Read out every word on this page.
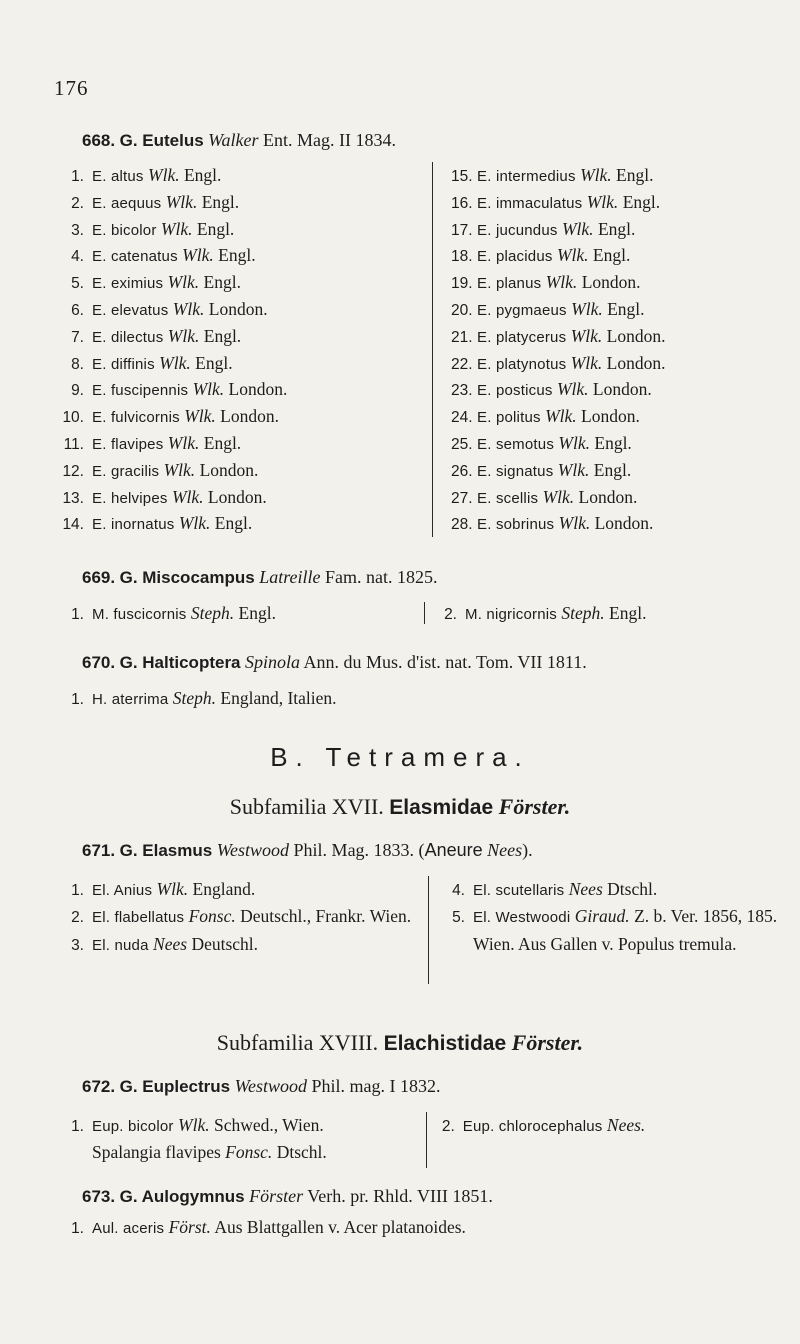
176
668. G. Eutelus Walker Ent. Mag. II 1834.
1. E. altus Wlk. Engl.
2. E. aequus Wlk. Engl.
3. E. bicolor Wlk. Engl.
4. E. catenatus Wlk. Engl.
5. E. eximius Wlk. Engl.
6. E. elevatus Wlk. London.
7. E. dilectus Wlk. Engl.
8. E. diffinis Wlk. Engl.
9. E. fuscipennis Wlk. London.
10. E. fulvicornis Wlk. London.
11. E. flavipes Wlk. Engl.
12. E. gracilis Wlk. London.
13. E. helvipes Wlk. London.
14. E. inornatus Wlk. Engl.
15. E. intermedius Wlk. Engl.
16. E. immaculatus Wlk. Engl.
17. E. jucundus Wlk. Engl.
18. E. placidus Wlk. Engl.
19. E. planus Wlk. London.
20. E. pygmaeus Wlk. Engl.
21. E. platycerus Wlk. London.
22. E. platynotus Wlk. London.
23. E. posticus Wlk. London.
24. E. politus Wlk. London.
25. E. semotus Wlk. Engl.
26. E. signatus Wlk. Engl.
27. E. scellis Wlk. London.
28. E. sobrinus Wlk. London.
669. G. Miscocampus Latreille Fam. nat. 1825.
1. M. fuscicornis Steph. Engl.	2. M. nigricornis Steph. Engl.
670. G. Halticoptera Spinola Ann. du Mus. d'ist. nat. Tom. VII 1811.
1. H. aterrima Steph. England, Italien.
B. Tetramera.
Subfamilia XVII. Elasmidae Förster.
671. G. Elasmus Westwood Phil. Mag. 1833. (Aneure Nees).
1. El. Anius Wlk. England.
2. El. flabellatus Fonsc. Deutschl., Frankr. Wien.
3. El. nuda Nees Deutschl.
4. El. scutellaris Nees Dtschl.
5. El. Westwoodi Giraud. Z. b. Ver. 1856, 185. Wien. Aus Gallen v. Populus tremula.
Subfamilia XVIII. Elachistidae Förster.
672. G. Euplectrus Westwood Phil. mag. I 1832.
1. Eup. bicolor Wlk. Schwed., Wien.
Spalangia flavipes Fonsc. Dtschl.
2. Eup. chlorocephalus Nees.
673. G. Aulogymnus Förster Verh. pr. Rhld. VIII 1851.
1. Aul. aceris Först. Aus Blattgallen v. Acer platanoides.
